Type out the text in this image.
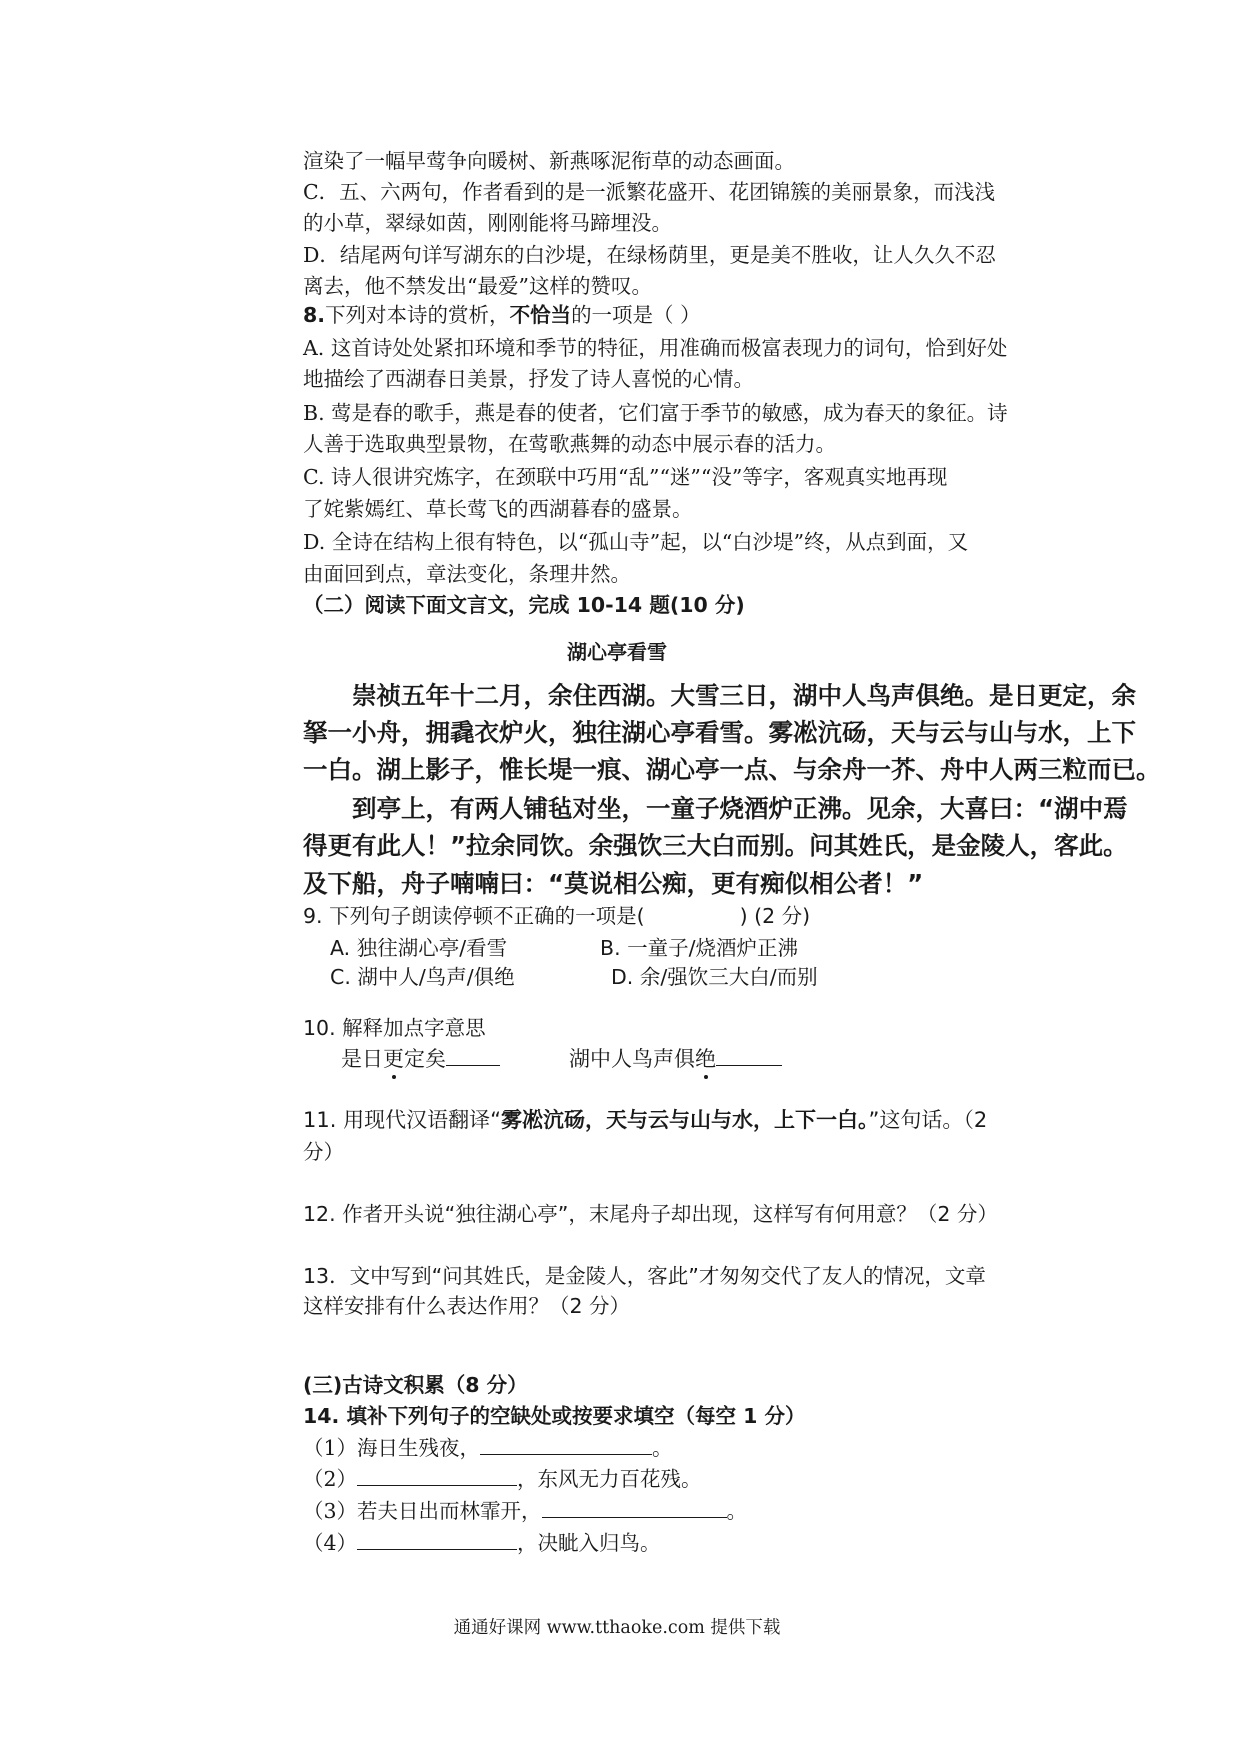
渲染了一幅早莺争向暖树、新燕啄泥衔草的动态画面。
C．五、六两句，作者看到的是一派繁花盛开、花团锦簇的美丽景象，而浅浅
的小草，翠绿如茵，刚刚能将马蹄埋没。
D．结尾两句详写湖东的白沙堤，在绿杨荫里，更是美不胜收，让人久久不忍
离去，他不禁发出“最爱”这样的赞叹。
8.下列对本诗的赏析，不恰当的一项是（ ）
A. 这首诗处处紧扣环境和季节的特征，用准确而极富表现力的词句，恰到好处
地描绘了西湖春日美景，抒发了诗人喜悦的心情。
B. 莺是春的歌手，燕是春的使者，它们富于季节的敏感，成为春天的象征。诗
人善于选取典型景物，在莺歌燕舞的动态中展示春的活力。
C. 诗人很讲究炼字，在颈联中巧用“乱”“迷”“没”等字，客观真实地再现
了姹紫嫣红、草长莺飞的西湖暮春的盛景。
D. 全诗在结构上很有特色，以“孤山寺”起，以“白沙堤”终，从点到面，又
由面回到点，章法变化，条理井然。
（二）阅读下面文言文，完成 10-14 题(10 分)
湖心亭看雪
　　崇祯五年十二月，余住西湖。大雪三日，湖中人鸟声俱绝。是日更定，余
拏一小舟，拥毳衣炉火，独往湖心亭看雪。雾凇沆砀，天与云与山与水，上下
一白。湖上影子，惟长堤一痕、湖心亭一点、与余舟一芥、舟中人两三粒而已。
　　到亭上，有两人铺毡对坐，一童子烧酒炉正沸。见余，大喜曰：“湖中焉
得更有此人！”拉余同饮。余强饮三大白而别。问其姓氏，是金陵人，客此。
及下船，舟子喃喃曰：“莫说相公痴，更有痴似相公者！”
9. 下列句子朗读停顿不正确的一项是(	) (2 分)
A. 独往湖心亭/看雪	B. 一童子/烧酒炉正沸
C. 湖中人/鸟声/俱绝	D. 余/强饮三大白/而别
10. 解释加点字意思
是日更定矣	湖中人鸟声俱绝
11. 用现代汉语翻译“雾凇沆砀，天与云与山与水，上下一白。”这句话。（2
分）
12. 作者开头说“独往湖心亭”，末尾舟子却出现，这样写有何用意？（2 分）
13．文中写到“问其姓氏，是金陵人，客此”才匆匆交代了友人的情况，文章
这样安排有什么表达作用？（2 分）
(三)古诗文积累（8 分）
14. 填补下列句子的空缺处或按要求填空（每空 1 分）
（1）海日生残夜，	。
（2）	，东风无力百花残。
（3）若夫日出而林霏开，	。
（4）	，决眦入归鸟。
通通好课网 www.tthaoke.com 提供下载
